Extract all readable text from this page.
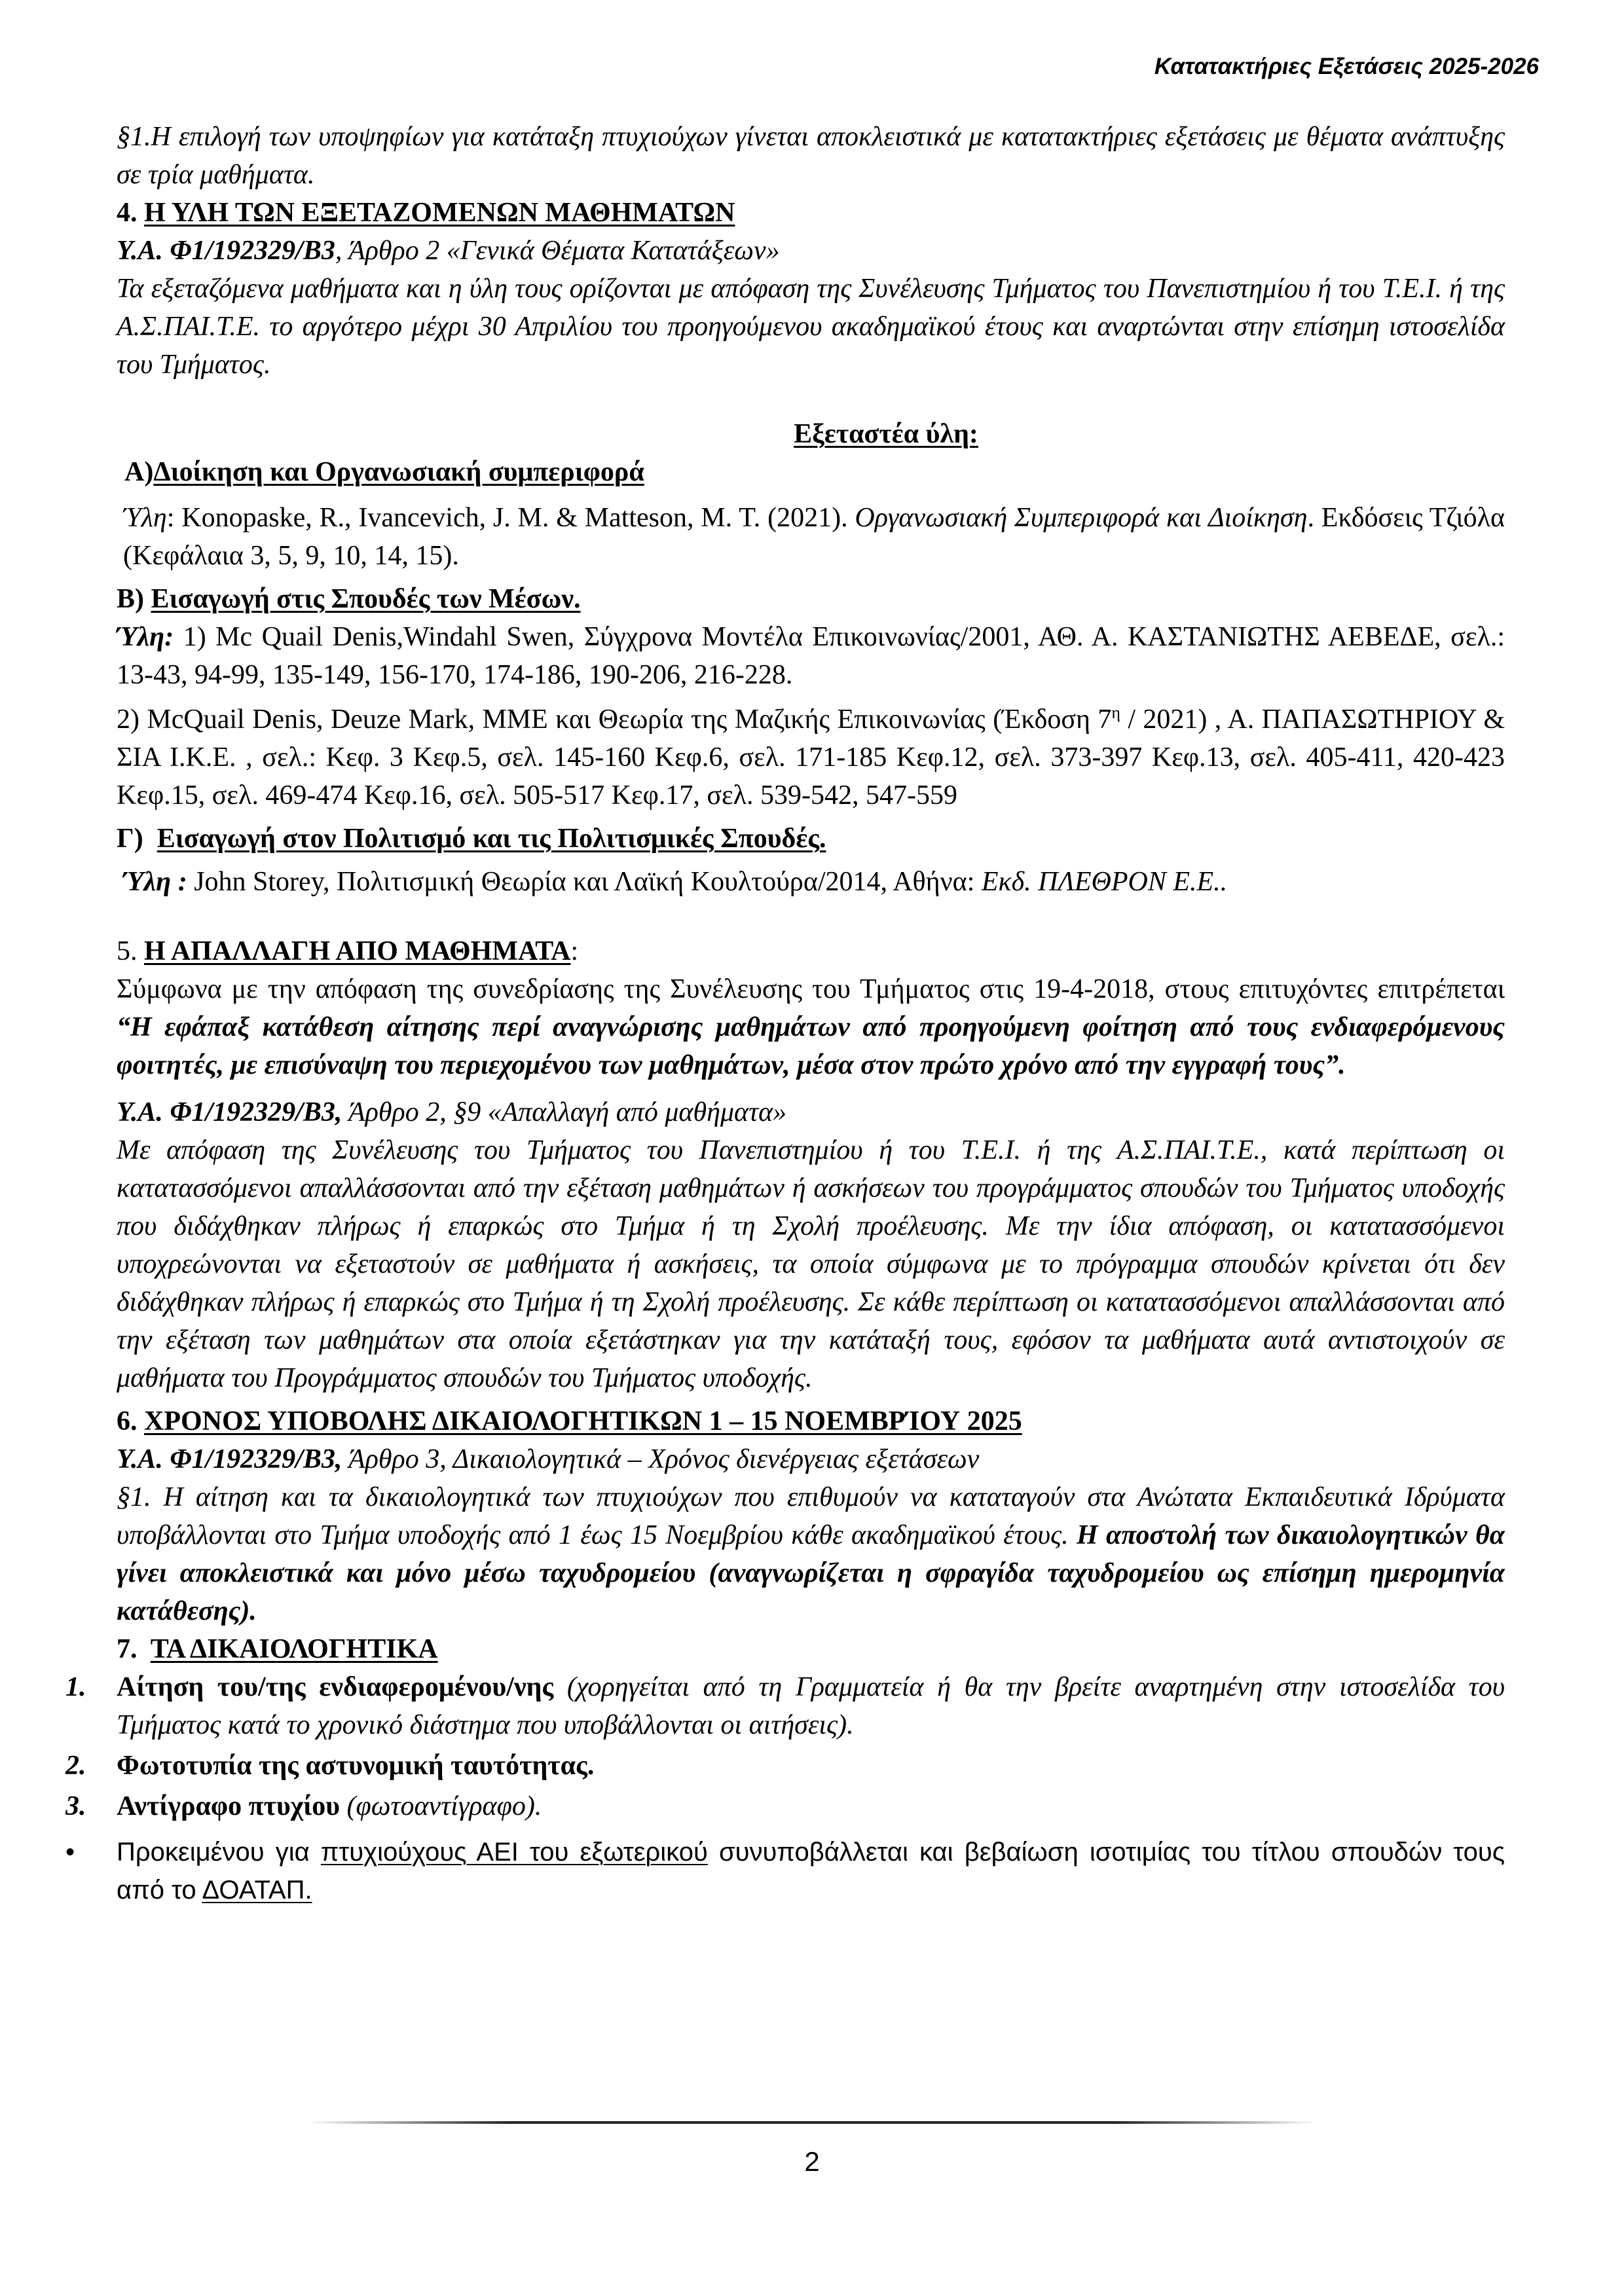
Κατατακτήριες Εξετάσεις 2025-2026

§1.Η επιλογή των υποψηφίων για κατάταξη πτυχιούχων γίνεται αποκλειστικά με κατατακτήριες εξετάσεις με θέματα ανάπτυξης σε τρία μαθήματα.

4. Η ΥΛΗ ΤΩΝ ΕΞΕΤΑΖΟΜΕΝΩΝ ΜΑΘΗΜΑΤΩΝ

Υ.Α. Φ1/192329/Β3, Άρθρο 2 «Γενικά Θέματα Κατατάξεων»

Τα εξεταζόμενα μαθήματα και η ύλη τους ορίζονται με απόφαση της Συνέλευσης Τμήματος του Πανεπιστημίου ή του Τ.Ε.Ι. ή της Α.Σ.ΠΑΙ.Τ.Ε. το αργότερο μέχρι 30 Απριλίου του προηγούμενου ακαδημαϊκού έτους και αναρτώνται στην επίσημη ιστοσελίδα του Τμήματος.

Εξεταστέα ύλη:

Α)Διοίκηση και Οργανωσιακή συμπεριφορά

Ύλη: Konopaske, R., Ivancevich, J. M. & Matteson, M. T. (2021). Οργανωσιακή Συμπεριφορά και Διοίκηση. Εκδόσεις Τζιόλα (Κεφάλαια 3, 5, 9, 10, 14, 15).

Β) Εισαγωγή στις Σπουδές των Μέσων.

Ύλη: 1) Mc Quail Denis,Windahl Swen, Σύγχρονα Μοντέλα Επικοινωνίας/2001, ΑΘ. Α. ΚΑΣΤΑΝΙΩΤΗΣ ΑΕΒΕΔΕ, σελ.: 13-43, 94-99, 135-149, 156-170, 174-186, 190-206, 216-228.

2) McQuail Denis, Deuze Mark, ΜΜΕ και Θεωρία της Μαζικής Επικοινωνίας (Έκδοση $7^\eta / 2021$) , Α. ΠΑΠΑΣΩΤΗΡΙΟΥ & ΣΙΑ Ι.Κ.Ε. , σελ.: Κεφ. 3 Κεφ.5, σελ. 145-160 Κεφ.6, σελ. 171-185 Κεφ.12, σελ. 373-397 Κεφ.13, σελ. 405-411, 420-423 Κεφ.15, σελ. 469-474 Κεφ.16, σελ. 505-517 Κεφ.17, σελ. 539-542, 547-559

Γ) Εισαγωγή στον Πολιτισμό και τις Πολιτισμικές Σπουδές.

Ύλη : John Storey, Πολιτισμική Θεωρία και Λαϊκή Κουλτούρα/2014, Αθήνα: Εκδ. ΠΛΕΘΡΟΝ Ε.Ε..

5. Η ΑΠΑΛΛΑΓΗ ΑΠΟ ΜΑΘΗΜΑΤΑ:

Σύμφωνα με την απόφαση της συνεδρίασης της Συνέλευσης του Τμήματος στις 19-4-2018, στους επιτυχόντες επιτρέπεται “Η εφάπαξ κατάθεση αίτησης περί αναγνώρισης μαθημάτων από προηγούμενη φοίτηση από τους ενδιαφερόμενους φοιτητές, με επισύναψη του περιεχομένου των μαθημάτων, μέσα στον πρώτο χρόνο από την εγγραφή τους”.

Υ.Α. Φ1/192329/Β3, Άρθρο 2, §9 «Απαλλαγή από μαθήματα»

Με απόφαση της Συνέλευσης του Τμήματος του Πανεπιστημίου ή του Τ.Ε.Ι. ή της Α.Σ.ΠΑΙ.Τ.Ε., κατά περίπτωση οι κατατασσόμενοι απαλλάσσονται από την εξέταση μαθημάτων ή ασκήσεων του προγράμματος σπουδών του Τμήματος υποδοχής που διδάχθηκαν πλήρως ή επαρκώς στο Τμήμα ή τη Σχολή προέλευσης. Με την ίδια απόφαση, οι κατατασσόμενοι υποχρεώνονται να εξεταστούν σε μαθήματα ή ασκήσεις, τα οποία σύμφωνα με το πρόγραμμα σπουδών κρίνεται ότι δεν διδάχθηκαν πλήρως ή επαρκώς στο Τμήμα ή τη Σχολή προέλευσης. Σε κάθε περίπτωση οι κατατασσόμενοι απαλλάσσονται από την εξέταση των μαθημάτων στα οποία εξετάστηκαν για την κατάταξή τους, εφόσον τα μαθήματα αυτά αντιστοιχούν σε μαθήματα του Προγράμματος σπουδών του Τμήματος υποδοχής.

6. ΧΡΟΝΟΣ ΥΠΟΒΟΛΗΣ ΔΙΚΑΙΟΛΟΓΗΤΙΚΩΝ 1 – 15 ΝΟΕΜΒΡΊΟΥ 2025

Υ.Α. Φ1/192329/Β3, Άρθρο 3, Δικαιολογητικά – Χρόνος διενέργειας εξετάσεων

§1. Η αίτηση και τα δικαιολογητικά των πτυχιούχων που επιθυμούν να καταταγούν στα Ανώτατα Εκπαιδευτικά Ιδρύματα υποβάλλονται στο Τμήμα υποδοχής από 1 έως 15 Νοεμβρίου κάθε ακαδημαϊκού έτους. Η αποστολή των δικαιολογητικών θα γίνει αποκλειστικά και μόνο μέσω ταχυδρομείου (αναγνωρίζεται η σφραγίδα ταχυδρομείου ως επίσημη ημερομηνία κατάθεσης).

7. ΤΑ ΔΙΚΑΙΟΛΟΓΗΤΙΚΑ

1. Αίτηση του/της ενδιαφερομένου/νης (χορηγείται από τη Γραμματεία ή θα την βρείτε αναρτημένη στην ιστοσελίδα του Τμήματος κατά το χρονικό διάστημα που υποβάλλονται οι αιτήσεις).
2. Φωτοτυπία της αστυνομική ταυτότητας.
3. Αντίγραφο πτυχίου (φωτοαντίγραφο).
• Προκειμένου για πτυχιούχους ΑΕΙ του εξωτερικού συνυποβάλλεται και βεβαίωση ισοτιμίας του τίτλου σπουδών τους από το ΔΟΑΤΑΠ.
2
